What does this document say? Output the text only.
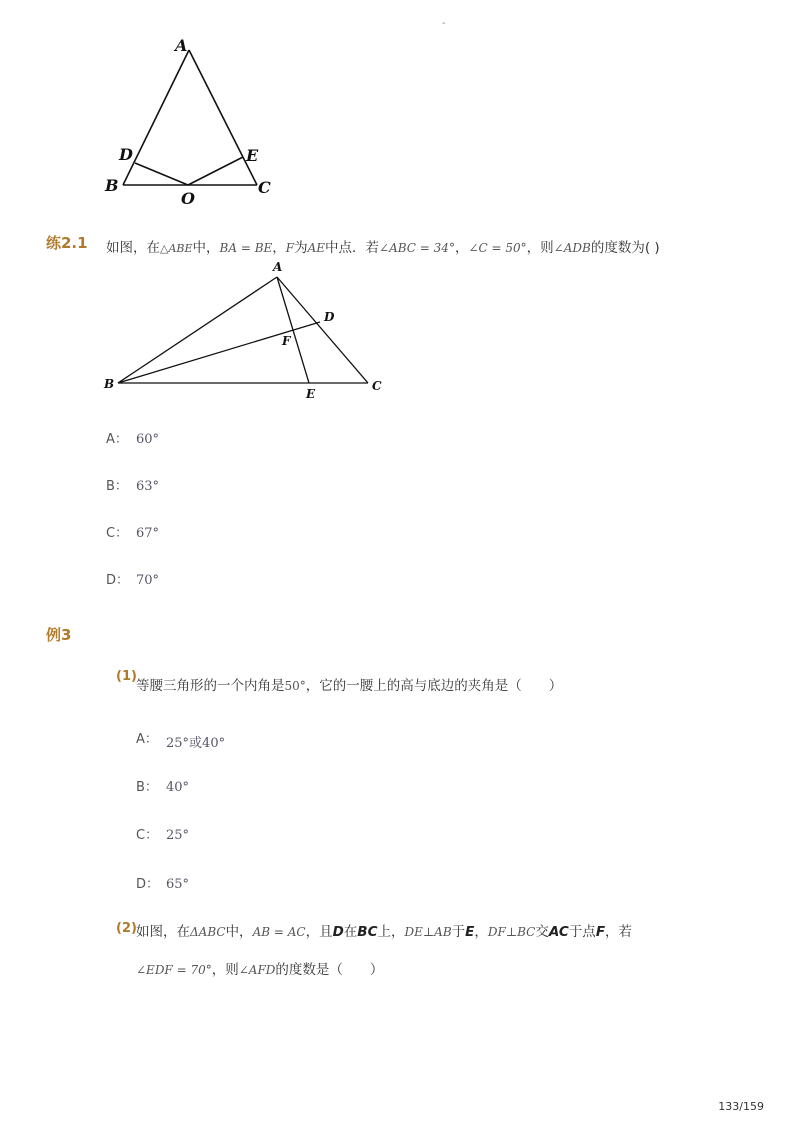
-
A
B	C
D	E
O
练2.1 如图，在△ABE中，BA = BE，F为AE中点．若∠ABC = 34°，∠C = 50°，则∠ADB的度数为( )
A
B	C
D
E
F
A： 60°
B： 63°
C： 67°
D： 70°
例3
(1)
等腰三角形的一个内角是50°，它的一腰上的高与底边的夹角是（　　）
A： 25°或40°
B： 40°
C： 25°
D： 65°
(2) 如图，在ΔABC中，AB = AC，且D在BC上，DE⊥AB于E，DF⊥BC交AC于点F，若
∠EDF = 70°，则∠AFD的度数是（　　）
133/159
